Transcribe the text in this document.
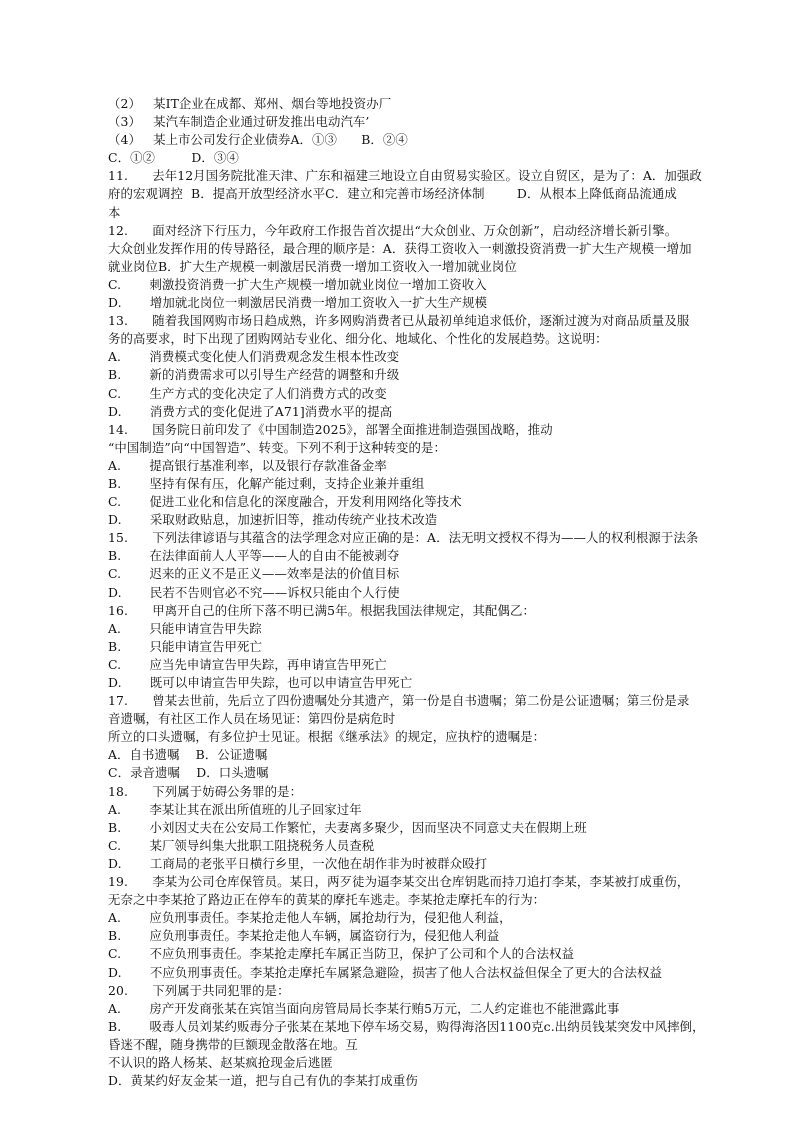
（2）   某IT企业在成都、郑州、烟台等地投资办厂
（3）   某汽车制造企业通过研发推出电动汽车’
（4）   某上市公司发行企业债券A．①③      B．②④
C．①②         D．③④
11.      去年12月国务院批准天津、广东和福建三地设立自由贸易实验区。设立自贸区，是为了：A．加强政
府的宏观调控  B．提高开放型经济水平C．建立和完善市场经济体制        D．从根本上降低商品流通成
本
12.      面对经济下行压力，今年政府工作报告首次提出“大众创业、万众创新”，启动经济增长新引擎。
大众创业发挥作用的传导路径，最合理的顺序是：A．获得工资收入一刺激投资消费一扩大生产规模一增加
就业岗位B．扩大生产规模一刺激居民消费一增加工资收入一增加就业岗位
C.       刺激投资消费一扩大生产规模一增加就业岗位一增加工资收入
D.       增加就北岗位一刺激居民消费一增加工资收入一扩大生产规模
13.      随着我国网购市场日趋成熟，许多网购消费者已从最初单纯追求低价，逐渐过渡为对商品质量及服
务的高要求，时下出现了团购网站专业化、细分化、地域化、个性化的发展趋势。这说明：
A.       消费模式变化使人们消费观念发生根本性改变
B.       新的消费需求可以引导生产经营的调整和升级
C.       生产方式的变化决定了人们消费方式的改变
D.       消费方式的变化促进了A71]消费水平的提高
14.      国务院日前印发了《中国制造2025》，部署全面推进制造强国战略，推动
“中国制造”向“中国智造”、转变。下列不利于这种转变的是：
A.       提高银行基准利率，以及银行存款准备金率
B.       坚持有保有压，化解产能过剩，支持企业兼并重组
C.       促进工业化和信息化的深度融合，开发利用网络化等技术
D.       采取财政贴息，加速折旧等，推动传统产业技术改造
15.      下列法律谚语与其蕴含的法学理念对应正确的是：A．法无明文授权不得为——人的权利根源于法条
B.       在法律面前人人平等——人的自由不能被剥夺
C.       迟来的正义不是正义——效率是法的价值目标
D.       民若不告则官必不究——诉权只能由个人行使
16.      甲离开自己的住所下落不明已满5年。根据我国法律规定，其配偶乙：
A.       只能申请宣告甲失踪
B.       只能申请宣告甲死亡
C.       应当先申请宣告甲失踪，再申请宣告甲死亡
D.       既可以申请宣告甲失踪，也可以申请宣告甲死亡
17.      曾某去世前，先后立了四份遗嘱处分其遗产，第一份是自书遗嘱；第二份是公证遗嘱；第三份是录
音遗嘱，有社区工作人员在场见证：第四份是病危时
所立的口头遗嘱，有多位护士见证。根据《继承法》的规定，应执柠的遗嘱是：
A．自书遗嘱    B．公证遗嘱
C．录音遗嘱    D．口头遗嘱
18.      下列属于妨碍公务罪的是：
A.       李某让其在派出所值班的儿子回家过年
B.       小刘因丈夫在公安局工作繁忙，夫妻离多聚少，因而坚决不同意丈夫在假期上班
C.       某厂领导纠集大批职工阻挠税务人员查税
D.       工商局的老张平日横行乡里，一次他在胡作非为时被群众殴打
19.      李某为公司仓库保管员。某日，两歹徒为逼李某交出仓库钥匙而持刀追打李某，李某被打成重伤，
无奈之中李某抢了路边正在停车的黄某的摩托车逃走。李某抢走摩托车的行为：
A.       应负刑事责任。李某抢走他人车辆，属抢劫行为，侵犯他人利益，
B.       应负刑事责任。李某抢走他人车辆，属盗窃行为，侵犯他人利益
C.       不应负刑事责任。李某抢走摩托车属正当防卫，保护了公司和个人的合法权益
D.       不应负刑事责任。李某抢走摩托车属紧急避险，损害了他人合法权益但保全了更大的合法权益
20.      下列属于共同犯罪的是：
A.       房产开发商张某在宾馆当面向房管局局长李某行贿5万元，二人约定谁也不能泄露此事
B.       吸毒人员刘某约贩毒分子张某在某地下停车场交易，购得海洛因1100克c.出纳员钱某突发中风摔倒，
昏迷不醒，随身携带的巨额现金散落在地。互
不认识的路人杨某、赵某疯抢现金后逃匿
D．黄某约好友金某一道，把与自己有仇的李某打成重伤
